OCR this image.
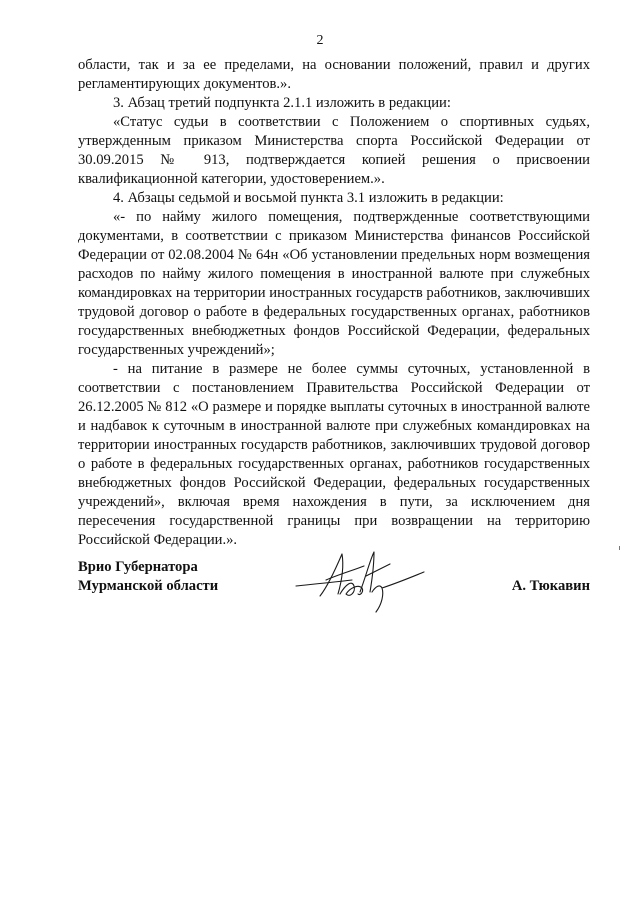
2

области, так и за ее пределами, на основании положений, правил и других регламентирующих документов.».

3. Абзац третий подпункта 2.1.1 изложить в редакции:

«Статус судьи в соответствии с Положением о спортивных судьях, утвержденным приказом Министерства спорта Российской Федерации от 30.09.2015 № 913, подтверждается копией решения о присвоении квалификационной категории, удостоверением.».

4. Абзацы седьмой и восьмой пункта 3.1 изложить в редакции:

«- по найму жилого помещения, подтвержденные соответствующими документами, в соответствии с приказом Министерства финансов Российской Федерации от 02.08.2004 № 64н «Об установлении предельных норм возмещения расходов по найму жилого помещения в иностранной валюте при служебных командировках на территории иностранных государств работников, заключивших трудовой договор о работе в федеральных государственных органах, работников государственных внебюджетных фондов Российской Федерации, федеральных государственных учреждений»;

- на питание в размере не более суммы суточных, установленной в соответствии с постановлением Правительства Российской Федерации от 26.12.2005 № 812 «О размере и порядке выплаты суточных в иностранной валюте и надбавок к суточным в иностранной валюте при служебных командировках на территории иностранных государств работников, заключивших трудовой договор о работе в федеральных государственных органах, работников государственных внебюджетных фондов Российской Федерации, федеральных государственных учреждений», включая время нахождения в пути, за исключением дня пересечения государственной границы при возвращении на территорию Российской Федерации.».

Врио Губернатора
Мурманской области	А. Тюкавин
